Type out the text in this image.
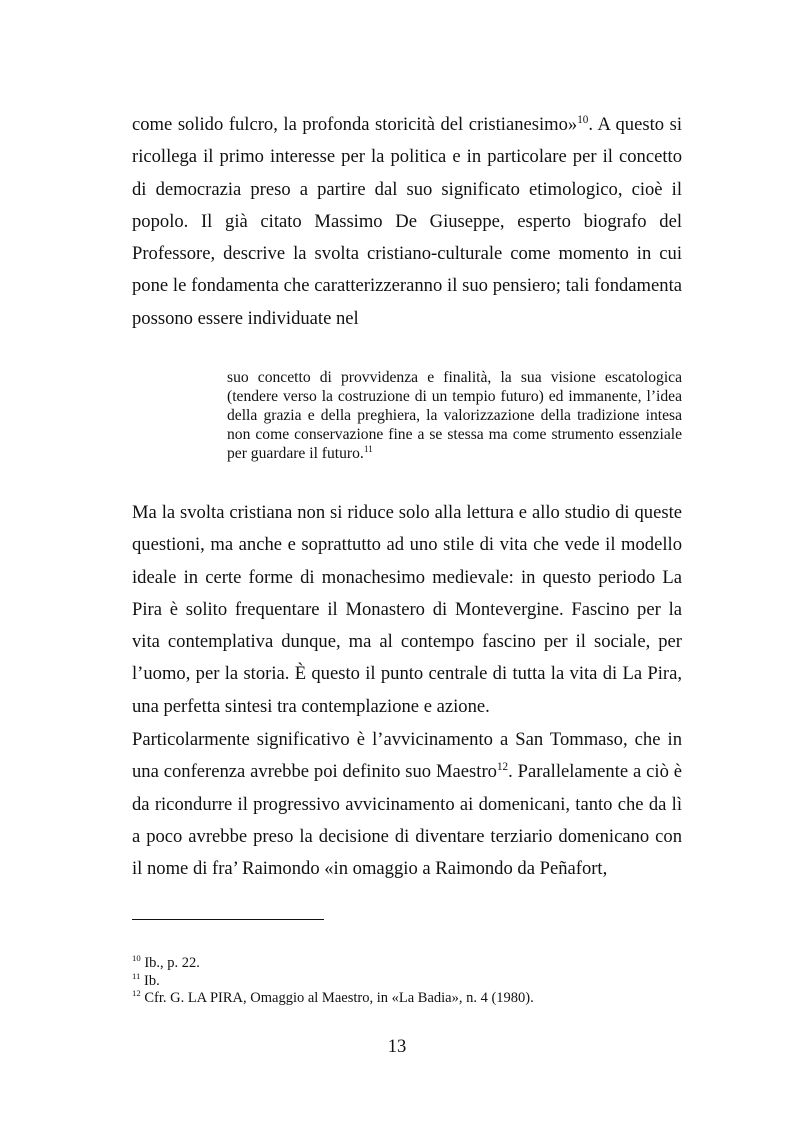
come solido fulcro, la profonda storicità del cristianesimo»$^{10}$. A questo si ricollega il primo interesse per la politica e in particolare per il concetto di democrazia preso a partire dal suo significato etimologico, cioè il popolo. Il già citato Massimo De Giuseppe, esperto biografo del Professore, descrive la svolta cristiano-culturale come momento in cui pone le fondamenta che caratterizzeranno il suo pensiero; tali fondamenta possono essere individuate nel

suo concetto di provvidenza e finalità, la sua visione escatologica (tendere verso la costruzione di un tempio futuro) ed immanente, l’idea della grazia e della preghiera, la valorizzazione della tradizione intesa non come conservazione fine a se stessa ma come strumento essenziale per guardare il futuro.$^{11}$

Ma la svolta cristiana non si riduce solo alla lettura e allo studio di queste questioni, ma anche e soprattutto ad uno stile di vita che vede il modello ideale in certe forme di monachesimo medievale: in questo periodo La Pira è solito frequentare il Monastero di Montevergine. Fascino per la vita contemplativa dunque, ma al contempo fascino per il sociale, per l’uomo, per la storia. È questo il punto centrale di tutta la vita di La Pira, una perfetta sintesi tra contemplazione e azione.

Particolarmente significativo è l’avvicinamento a San Tommaso, che in una conferenza avrebbe poi definito suo Maestro$^{12}$. Parallelamente a ciò è da ricondurre il progressivo avvicinamento ai domenicani, tanto che da lì a poco avrebbe preso la decisione di diventare terziario domenicano con il nome di fra’ Raimondo «in omaggio a Raimondo da Peñafort,

$^{10}$ Ib., p. 22.
$^{11}$ Ib.
$^{12}$ Cfr. G. LA PIRA, Omaggio al Maestro, in «La Badia», n. 4 (1980).
13
